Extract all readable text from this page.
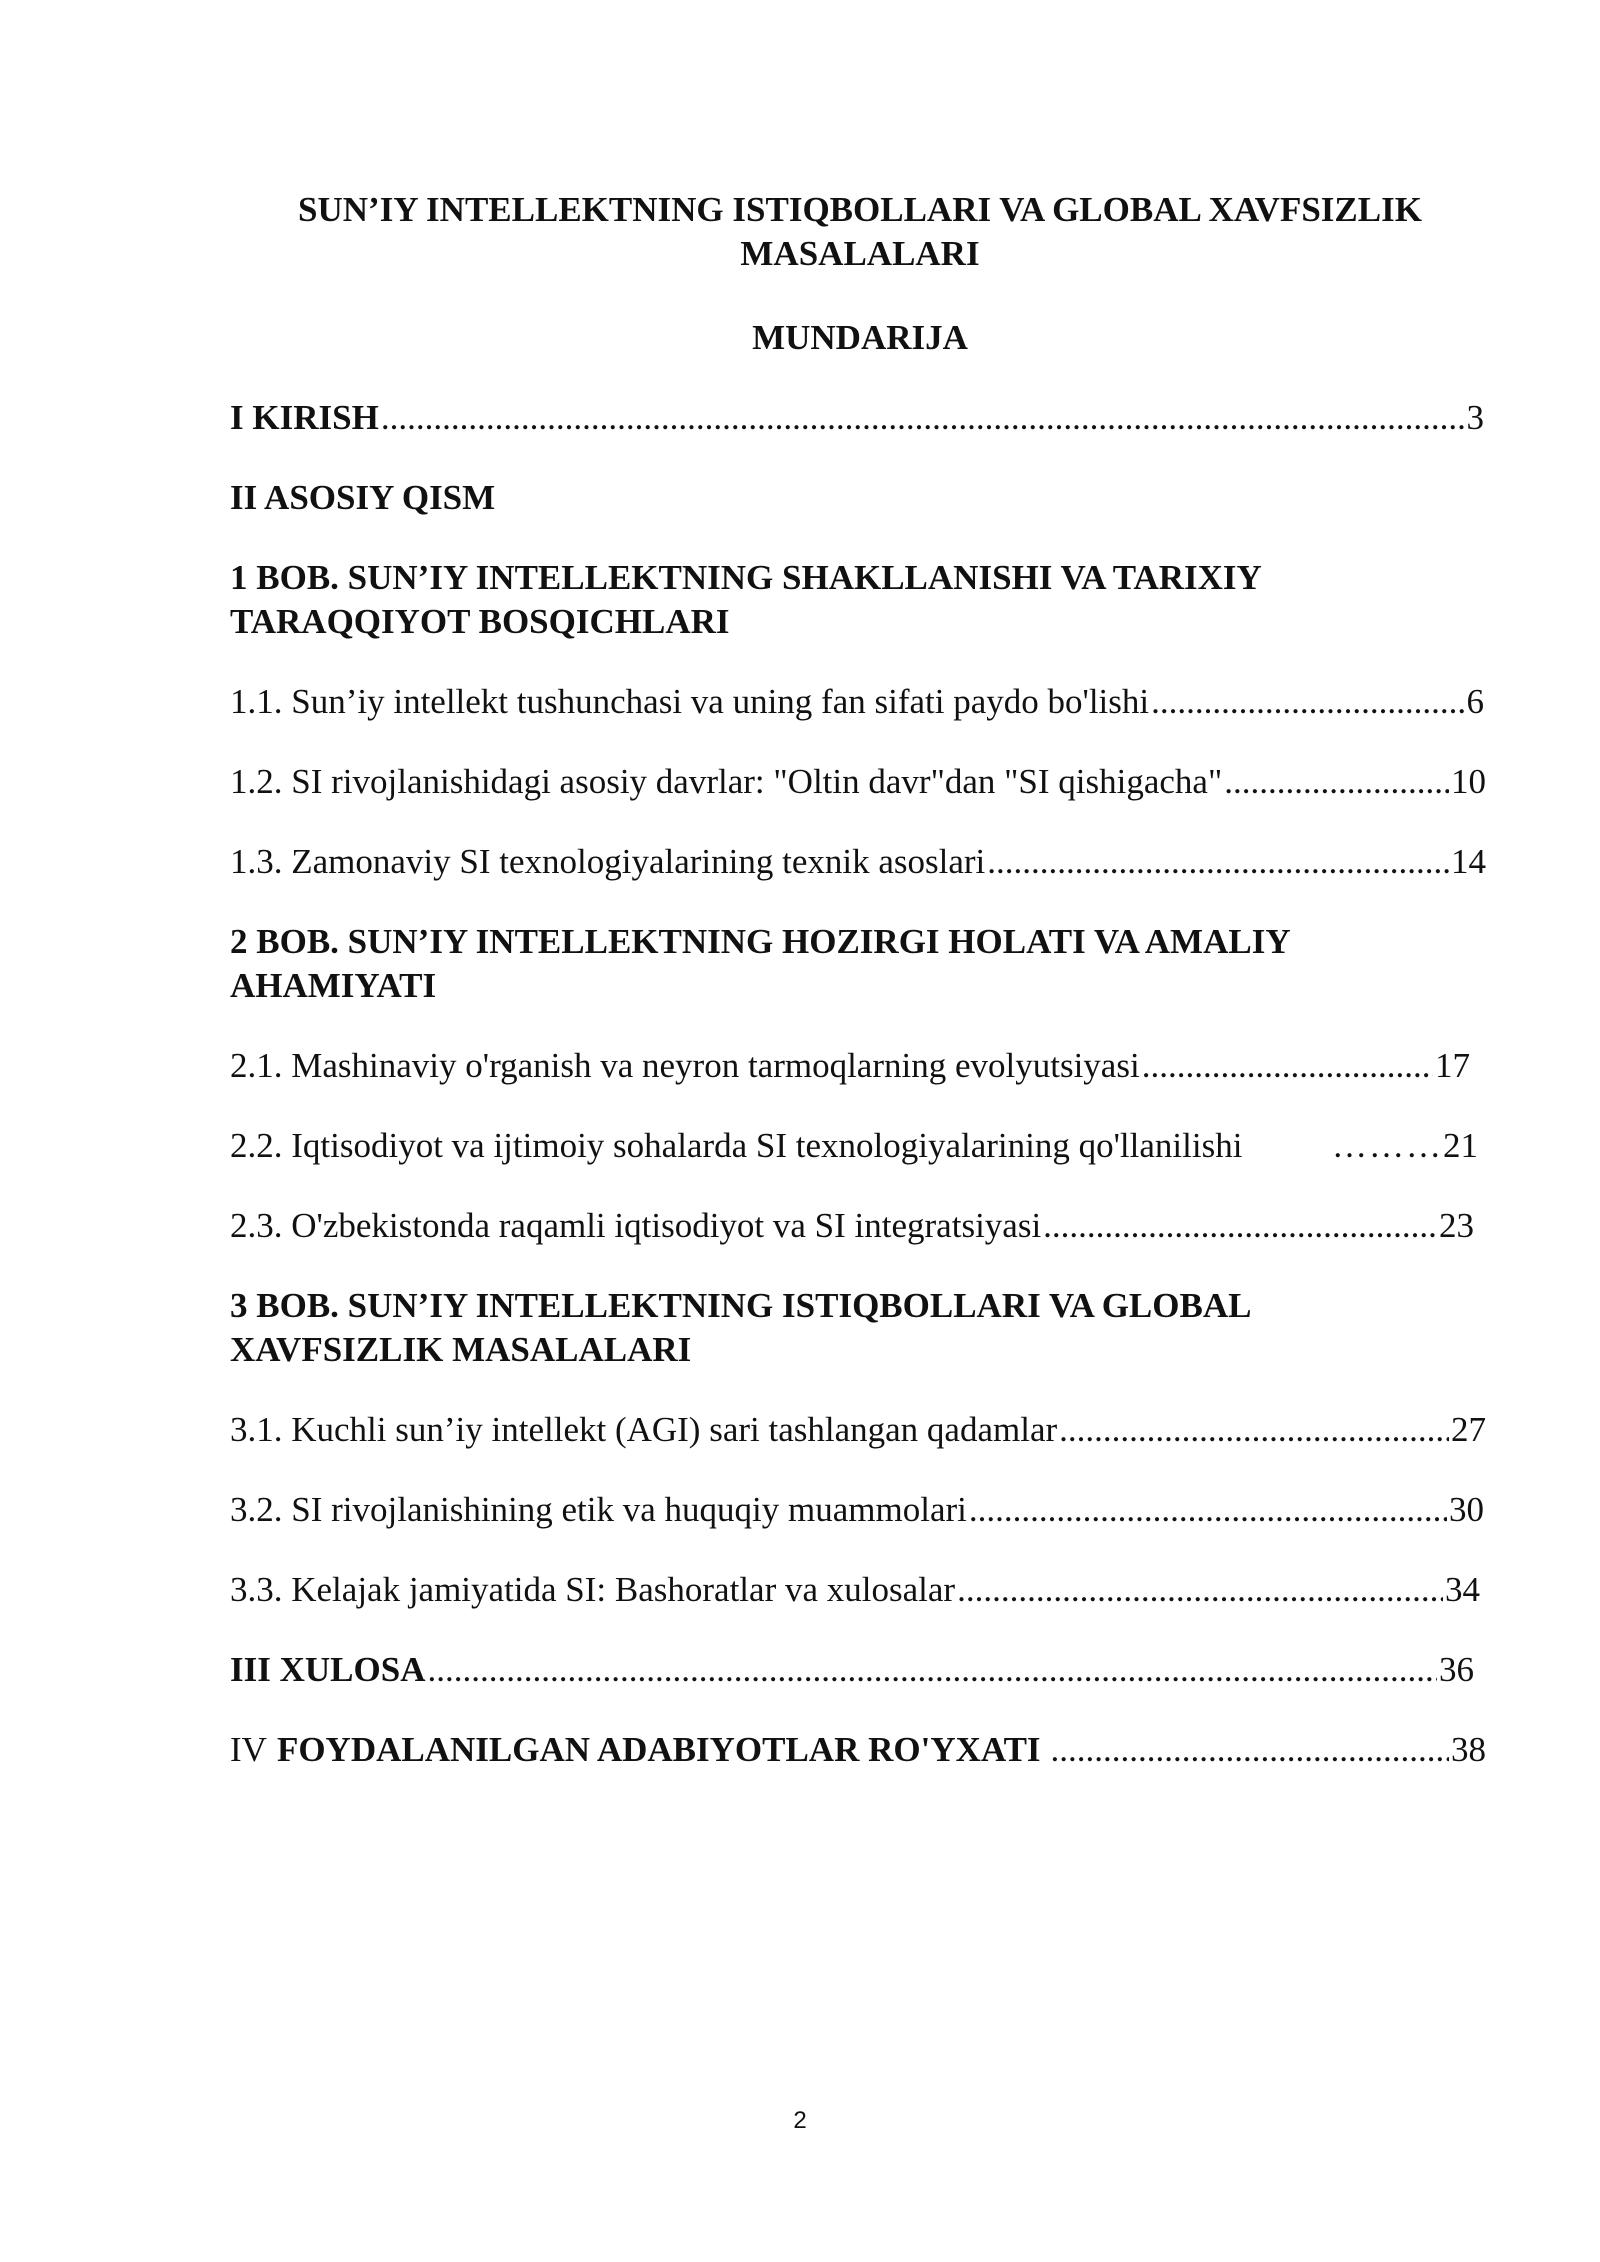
SUN’IY INTELLEKTNING ISTIQBOLLARI VA GLOBAL XAVFSIZLIK
MASALALARI
MUNDARIJA
I KIRISH .....	3
II ASOSIY QISM
1 BOB. SUN’IY INTELLEKTNING SHAKLLANISHI VA TARIXIY
TARAQQIYOT BOSQICHLARI
1.1. Sun’iy intellekt tushunchasi va uning fan sifati paydo bo'lishi .....	6
1.2. SI rivojlanishidagi asosiy davrlar: "Oltin davr"dan "SI qishigacha" .....	10
1.3. Zamonaviy SI texnologiyalarining texnik asoslari .....	14
2 BOB. SUN’IY INTELLEKTNING HOZIRGI HOLATI VA AMALIY
AHAMIYATI
2.1. Mashinaviy o'rganish va neyron tarmoqlarning evolyutsiyasi .....	17
2.2. Iqtisodiyot va ijtimoiy sohalarda SI texnologiyalarining qo'llanilishi	……… 21
2.3. O'zbekistonda raqamli iqtisodiyot va SI integratsiyasi .....	23
3 BOB. SUN’IY INTELLEKTNING ISTIQBOLLARI VA GLOBAL
XAVFSIZLIK MASALALARI
3.1. Kuchli sun’iy intellekt (AGI) sari tashlangan qadamlar .....	27
3.2. SI rivojlanishining etik va huquqiy muammolari .....	30
3.3. Kelajak jamiyatida SI: Bashoratlar va xulosalar .....	34
III XULOSA .....	36
IV FOYDALANILGAN ADABIYOTLAR RO'YXATI .....	38
2
